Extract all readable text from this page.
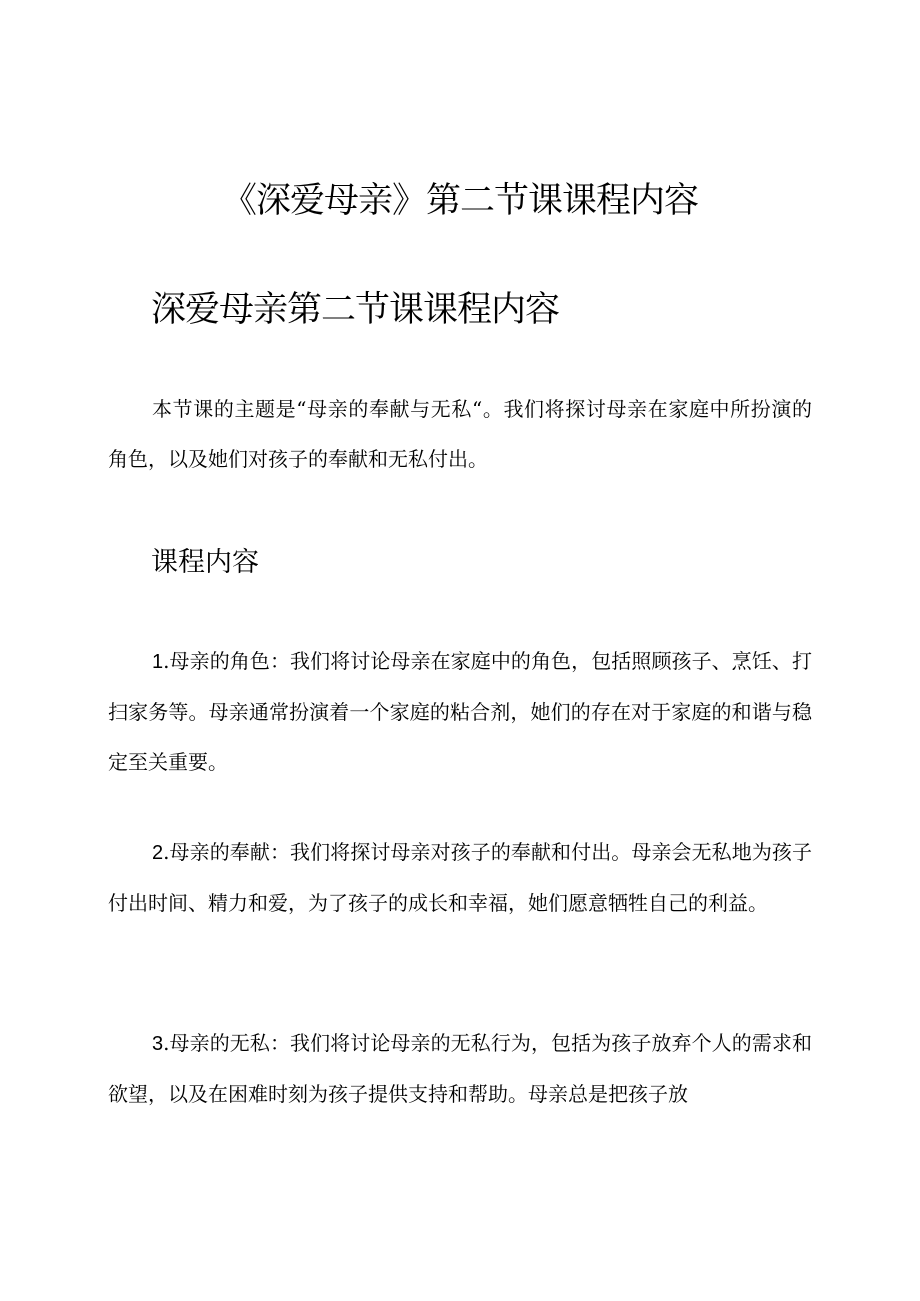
《深爱母亲》第二节课课程内容
深爱母亲第二节课课程内容

本节课的主题是“母亲的奉献与无私“。我们将探讨母亲在家庭中所扮演的角色，以及她们对孩子的奉献和无私付出。

课程内容

1.母亲的角色：我们将讨论母亲在家庭中的角色，包括照顾孩子、烹饪、打扫家务等。母亲通常扮演着一个家庭的粘合剂，她们的存在对于家庭的和谐与稳定至关重要。

2.母亲的奉献：我们将探讨母亲对孩子的奉献和付出。母亲会无私地为孩子付出时间、精力和爱，为了孩子的成长和幸福，她们愿意牺牲自己的利益。

3.母亲的无私：我们将讨论母亲的无私行为，包括为孩子放弃个人的需求和欲望，以及在困难时刻为孩子提供支持和帮助。母亲总是把孩子放
